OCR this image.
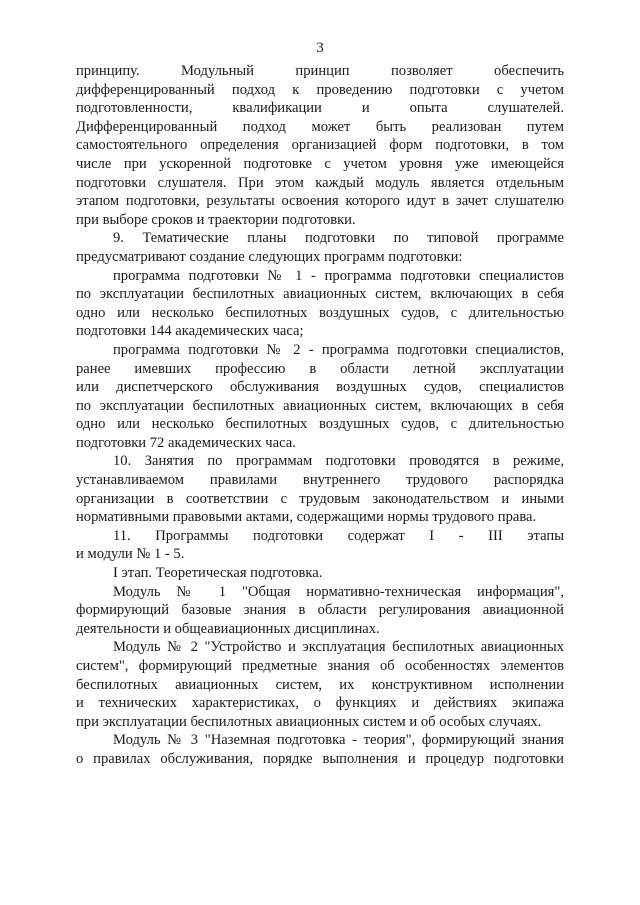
3
принципу. Модульный принцип позволяет обеспечить
дифференцированный подход к проведению подготовки с учетом
подготовленности, квалификации и опыта слушателей.
Дифференцированный подход может быть реализован путем
самостоятельного определения организацией форм подготовки, в том
числе при ускоренной подготовке с учетом уровня уже имеющейся
подготовки слушателя. При этом каждый модуль является отдельным
этапом подготовки, результаты освоения которого идут в зачет слушателю
при выборе сроков и траектории подготовки.
9. Тематические планы подготовки по типовой программе
предусматривают создание следующих программ подготовки:
программа подготовки № 1 - программа подготовки специалистов
по эксплуатации беспилотных авиационных систем, включающих в себя
одно или несколько беспилотных воздушных судов, с длительностью
подготовки 144 академических часа;
программа подготовки № 2 - программа подготовки специалистов,
ранее имевших профессию в области летной эксплуатации
или диспетчерского обслуживания воздушных судов, специалистов
по эксплуатации беспилотных авиационных систем, включающих в себя
одно или несколько беспилотных воздушных судов, с длительностью
подготовки 72 академических часа.
10. Занятия по программам подготовки проводятся в режиме,
устанавливаемом правилами внутреннего трудового распорядка
организации в соответствии с трудовым законодательством и иными
нормативными правовыми актами, содержащими нормы трудового права.
11. Программы подготовки содержат I - III этапы
и модули № 1 - 5.
I этап. Теоретическая подготовка.
Модуль № 1 "Общая нормативно-техническая информация",
формирующий базовые знания в области регулирования авиационной
деятельности и общеавиационных дисциплинах.
Модуль № 2 "Устройство и эксплуатация беспилотных авиационных
систем", формирующий предметные знания об особенностях элементов
беспилотных авиационных систем, их конструктивном исполнении
и технических характеристиках, о функциях и действиях экипажа
при эксплуатации беспилотных авиационных систем и об особых случаях.
Модуль № 3 "Наземная подготовка - теория", формирующий знания
о правилах обслуживания, порядке выполнения и процедур подготовки
